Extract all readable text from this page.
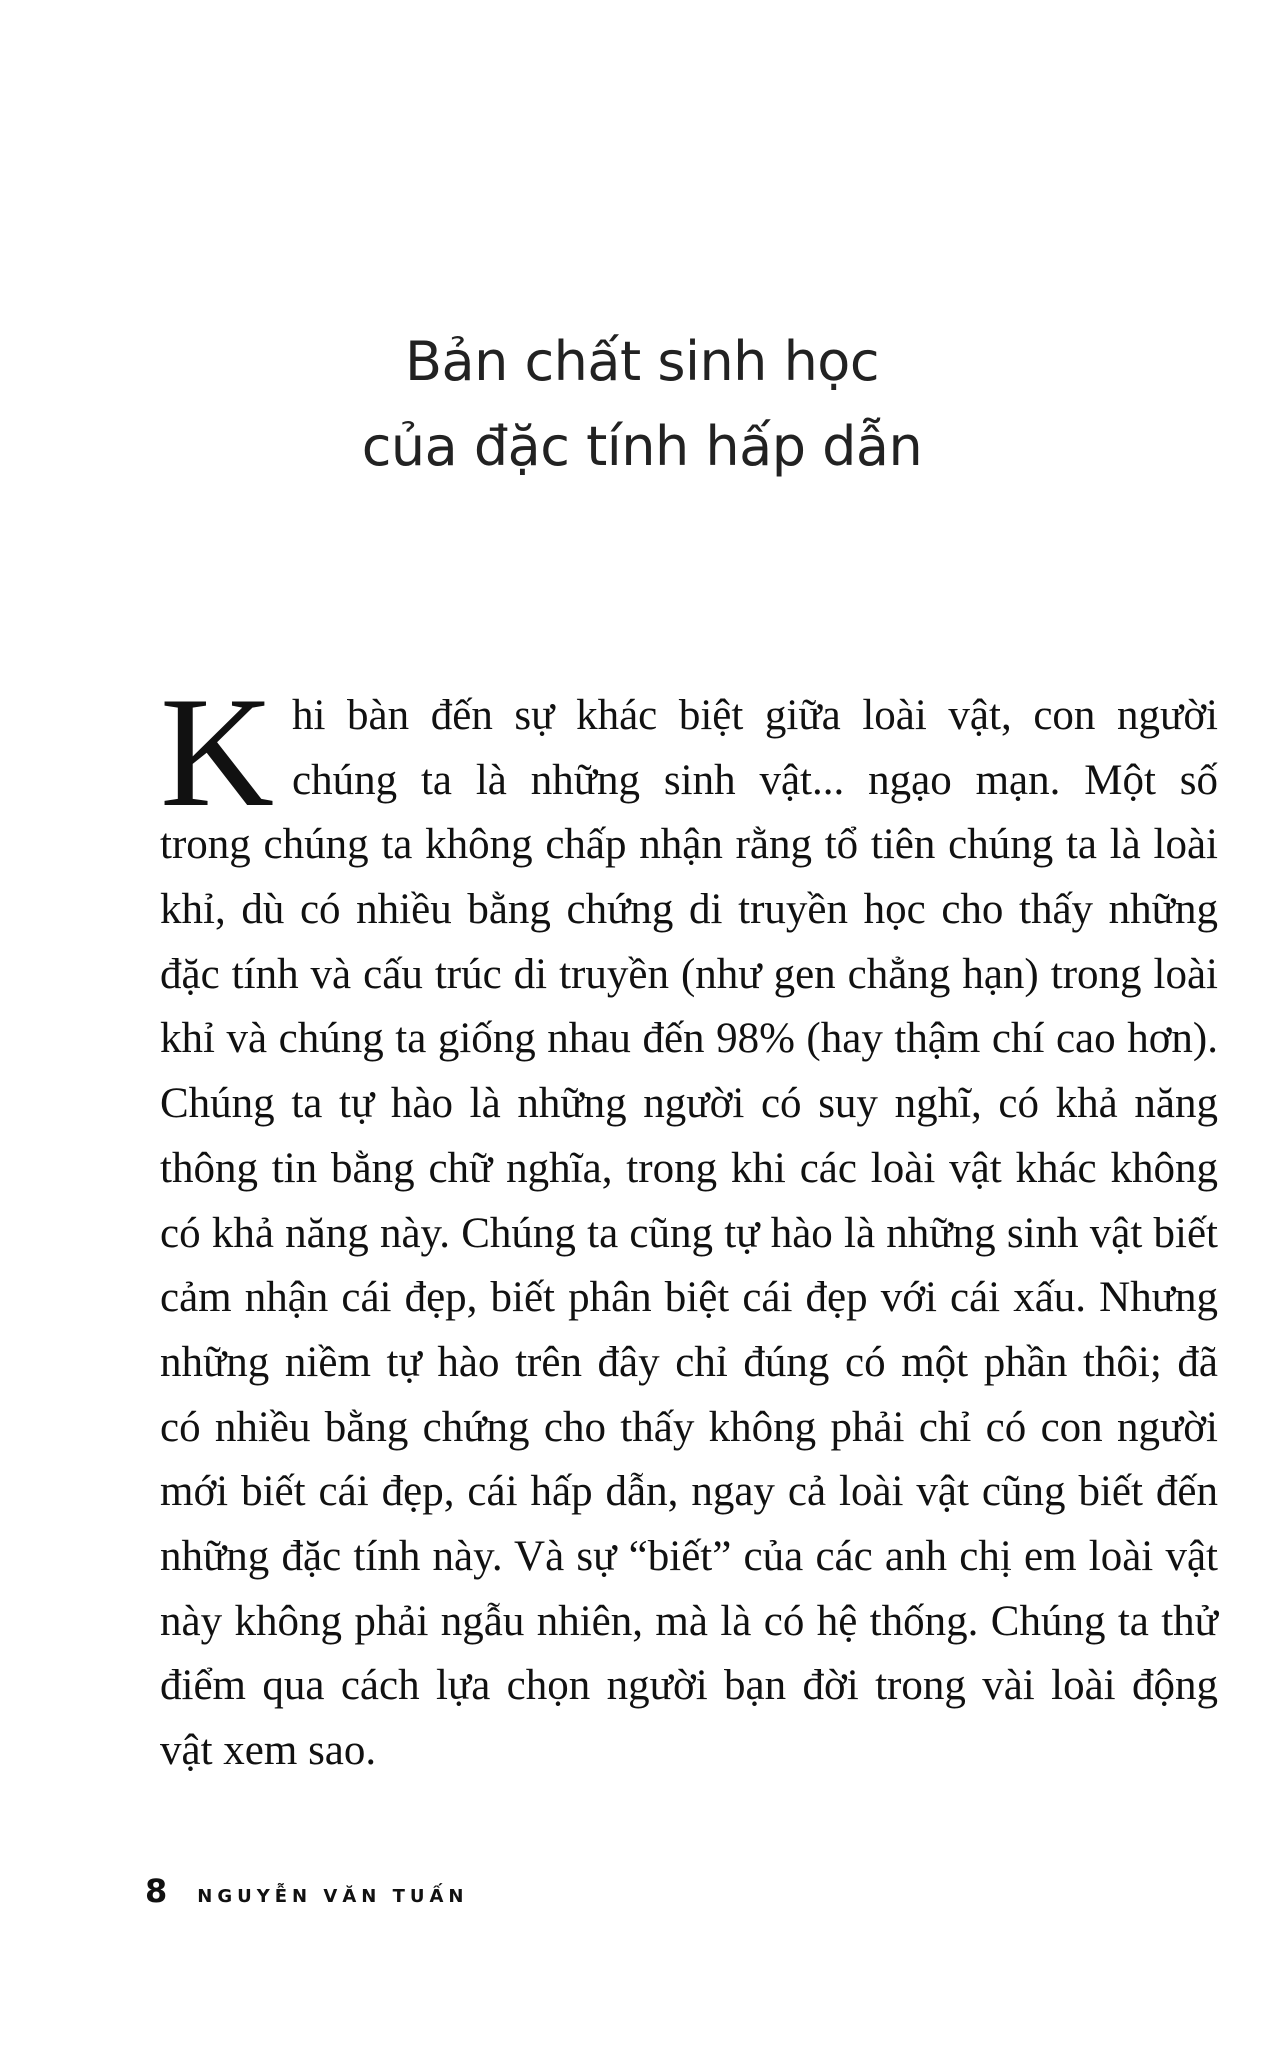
Bản chất sinh học
của đặc tính hấp dẫn
K hi bàn đến sự khác biệt giữa loài vật, con người
chúng ta là những sinh vật... ngạo mạn. Một số
trong chúng ta không chấp nhận rằng tổ tiên chúng ta là loài
khỉ, dù có nhiều bằng chứng di truyền học cho thấy những
đặc tính và cấu trúc di truyền (như gen chẳng hạn) trong loài
khỉ và chúng ta giống nhau đến 98% (hay thậm chí cao hơn).
Chúng ta tự hào là những người có suy nghĩ, có khả năng
thông tin bằng chữ nghĩa, trong khi các loài vật khác không
có khả năng này. Chúng ta cũng tự hào là những sinh vật biết
cảm nhận cái đẹp, biết phân biệt cái đẹp với cái xấu. Nhưng
những niềm tự hào trên đây chỉ đúng có một phần thôi; đã
có nhiều bằng chứng cho thấy không phải chỉ có con người
mới biết cái đẹp, cái hấp dẫn, ngay cả loài vật cũng biết đến
những đặc tính này. Và sự “biết” của các anh chị em loài vật
này không phải ngẫu nhiên, mà là có hệ thống. Chúng ta thử
điểm qua cách lựa chọn người bạn đời trong vài loài động
vật xem sao.
8 NGUYỄN VĂN TUẤN
